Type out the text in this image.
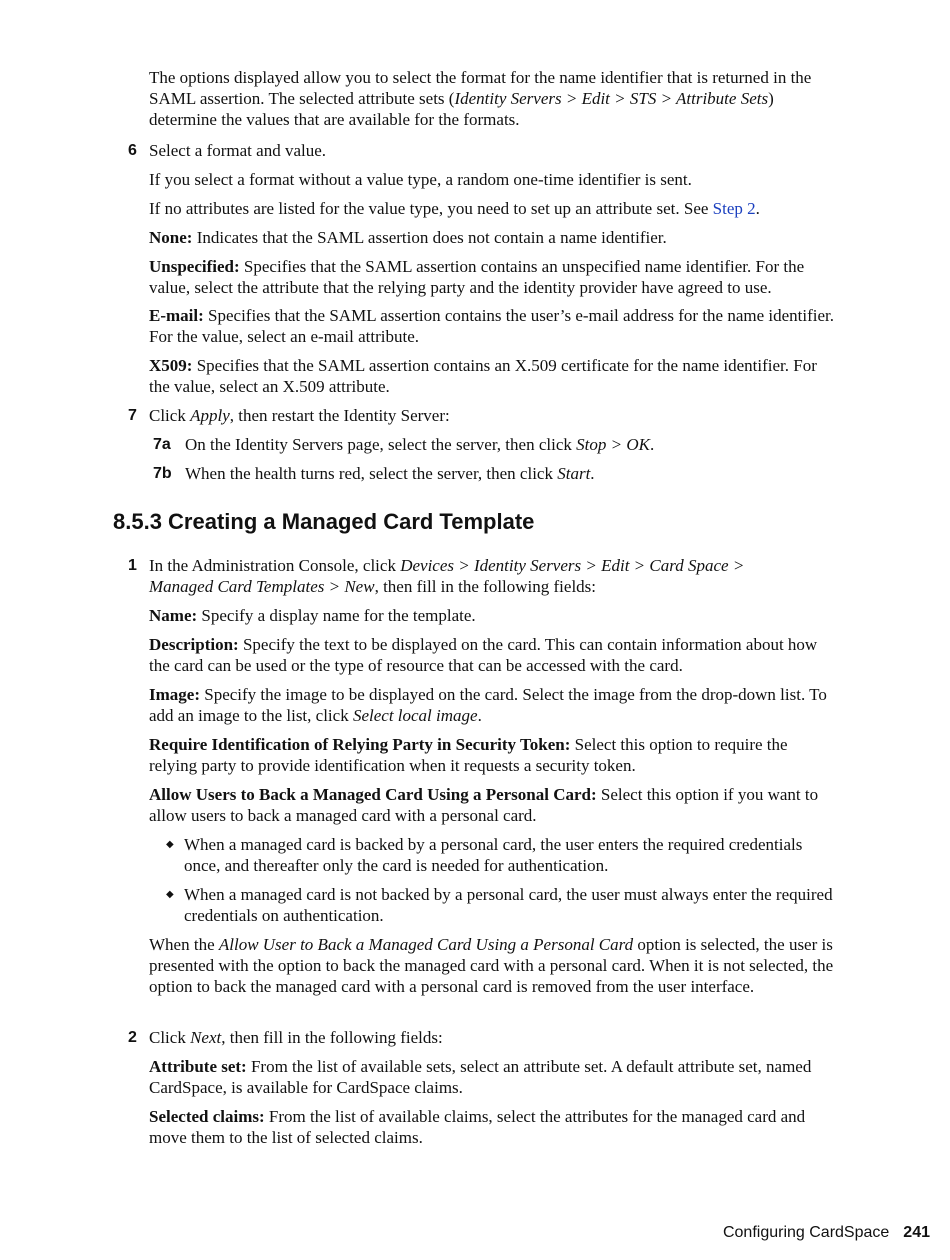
The options displayed allow you to select the format for the name identifier that is returned in the SAML assertion. The selected attribute sets (Identity Servers > Edit > STS > Attribute Sets) determine the values that are available for the formats.
6 Select a format and value.
If you select a format without a value type, a random one-time identifier is sent.
If no attributes are listed for the value type, you need to set up an attribute set. See Step 2.
None: Indicates that the SAML assertion does not contain a name identifier.
Unspecified: Specifies that the SAML assertion contains an unspecified name identifier. For the value, select the attribute that the relying party and the identity provider have agreed to use.
E-mail: Specifies that the SAML assertion contains the user’s e-mail address for the name identifier. For the value, select an e-mail attribute.
X509: Specifies that the SAML assertion contains an X.509 certificate for the name identifier. For the value, select an X.509 attribute.
7 Click Apply, then restart the Identity Server:
7a On the Identity Servers page, select the server, then click Stop > OK.
7b When the health turns red, select the server, then click Start.
8.5.3 Creating a Managed Card Template
1 In the Administration Console, click Devices > Identity Servers > Edit > Card Space > Managed Card Templates > New, then fill in the following fields:
Name: Specify a display name for the template.
Description: Specify the text to be displayed on the card. This can contain information about how the card can be used or the type of resource that can be accessed with the card.
Image: Specify the image to be displayed on the card. Select the image from the drop-down list. To add an image to the list, click Select local image.
Require Identification of Relying Party in Security Token: Select this option to require the relying party to provide identification when it requests a security token.
Allow Users to Back a Managed Card Using a Personal Card: Select this option if you want to allow users to back a managed card with a personal card.
◆ When a managed card is backed by a personal card, the user enters the required credentials once, and thereafter only the card is needed for authentication.
◆ When a managed card is not backed by a personal card, the user must always enter the required credentials on authentication.
When the Allow User to Back a Managed Card Using a Personal Card option is selected, the user is presented with the option to back the managed card with a personal card. When it is not selected, the option to back the managed card with a personal card is removed from the user interface.
2 Click Next, then fill in the following fields:
Attribute set: From the list of available sets, select an attribute set. A default attribute set, named CardSpace, is available for CardSpace claims.
Selected claims: From the list of available claims, select the attributes for the managed card and move them to the list of selected claims.
Configuring CardSpace 241
